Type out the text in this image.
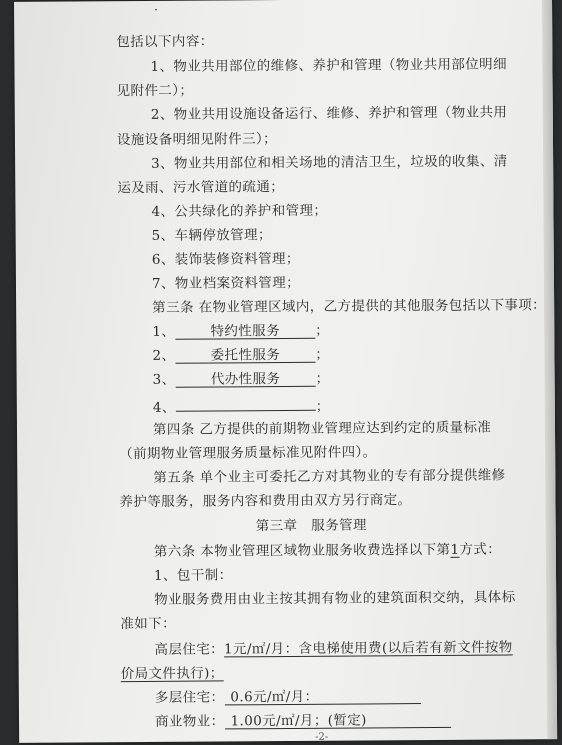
·
包括以下内容：
1、物业共用部位的维修、养护和管理（物业共用部位明细
见附件二）；
2、物业共用设施设备运行、维修、养护和管理（物业共用
设施设备明细见附件三）；
3、物业共用部位和相关场地的清洁卫生，垃圾的收集、清
运及雨、污水管道的疏通；
4、公共绿化的养护和管理；
5、车辆停放管理；
6、装饰装修资料管理；
7、物业档案资料管理；
第三条 在物业管理区域内，乙方提供的其他服务包括以下事项：
1、	特约性服务	；
2、	委托性服务	；
3、	代办性服务	；
4、	；
第四条 乙方提供的前期物业管理应达到约定的质量标准
（前期物业管理服务质量标准见附件四）。
第五条 单个业主可委托乙方对其物业的专有部分提供维修
养护等服务，服务内容和费用由双方另行商定。
第三章　服务管理
第六条 本物业管理区域物业服务收费选择以下第1方式：
1、包干制：
物业服务费用由业主按其拥有物业的建筑面积交纳，具体标
准如下：
高层住宅：1元/㎡/月：含电梯使用费(以后若有新文件按物
价局文件执行)；
多层住宅： 0.6元/㎡/月：
商业物业： 1.00元/㎡/月；(暂定)
-2-
